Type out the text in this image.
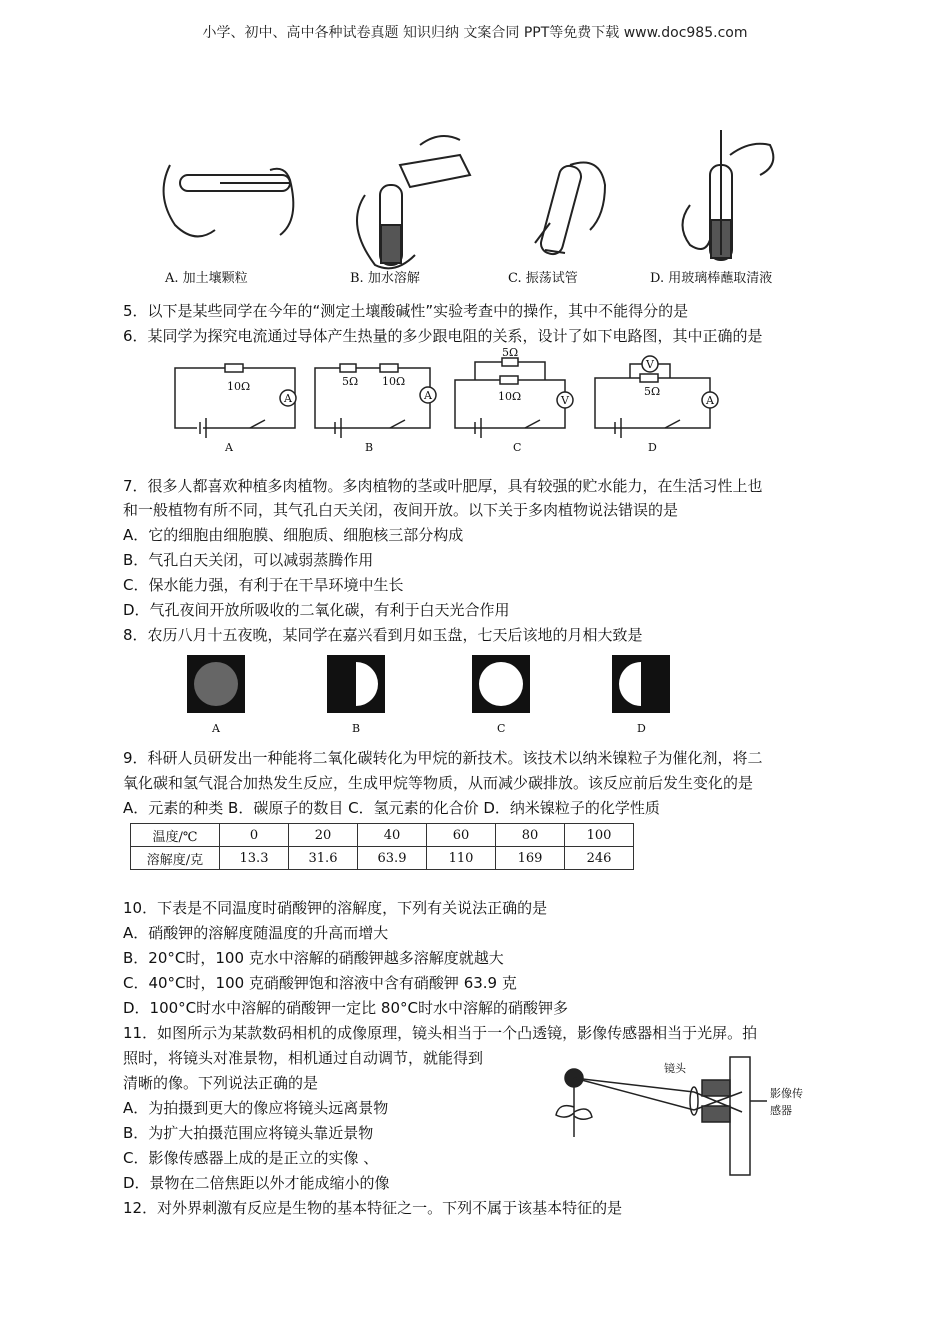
小学、初中、高中各种试卷真题 知识归纳 文案合同 PPT等免费下载 www.doc985.com
A. 加土壤颗粒	B. 加水溶解	C. 振荡试管	D. 用玻璃棒蘸取清液
5．以下是某些同学在今年的“测定土壤酸碱性”实验考查中的操作，其中不能得分的是
6．某同学为探究电流通过导体产生热量的多少跟电阻的关系，设计了如下电路图，其中正确的是
10Ω
A
5Ω 10Ω
A
5Ω
10Ω	V
V
5Ω
A
A	B	C	D
7．很多人都喜欢种植多肉植物。多肉植物的茎或叶肥厚，具有较强的贮水能力，在生活习性上也
和一般植物有所不同，其气孔白天关闭，夜间开放。以下关于多肉植物说法错误的是
A．它的细胞由细胞膜、细胞质、细胞核三部分构成
B．气孔白天关闭，可以减弱蒸腾作用
C．保水能力强，有利于在干旱环境中生长
D．气孔夜间开放所吸收的二氧化碳，有利于白天光合作用
8．农历八月十五夜晚，某同学在嘉兴看到月如玉盘，七天后该地的月相大致是
A	B	C	D
9．科研人员研发出一种能将二氧化碳转化为甲烷的新技术。该技术以纳米镍粒子为催化剂，将二
氧化碳和氢气混合加热发生反应，生成甲烷等物质，从而减少碳排放。该反应前后发生变化的是
A．元素的种类 B．碳原子的数目 C．氢元素的化合价 D．纳米镍粒子的化学性质
温度/℃	0	20	40	60	80	100
溶解度/克	13.3	31.6	63.9	110	169	246
10．下表是不同温度时硝酸钾的溶解度，下列有关说法正确的是
A．硝酸钾的溶解度随温度的升高而增大
B．20°C时，100 克水中溶解的硝酸钾越多溶解度就越大
C．40°C时，100 克硝酸钾饱和溶液中含有硝酸钾 63.9 克
D．100°C时水中溶解的硝酸钾一定比 80°C时水中溶解的硝酸钾多
11．如图所示为某款数码相机的成像原理，镜头相当于一个凸透镜，影像传感器相当于光屏。拍
照时，将镜头对准景物，相机通过自动调节，就能得到
清晰的像。下列说法正确的是
A．为拍摄到更大的像应将镜头远离景物
B．为扩大拍摄范围应将镜头靠近景物
C．影像传感器上成的是正立的实像 、
D．景物在二倍焦距以外才能成缩小的像
12．对外界刺激有反应是生物的基本特征之一。下列不属于该基本特征的是
镜头
影像传
感器
